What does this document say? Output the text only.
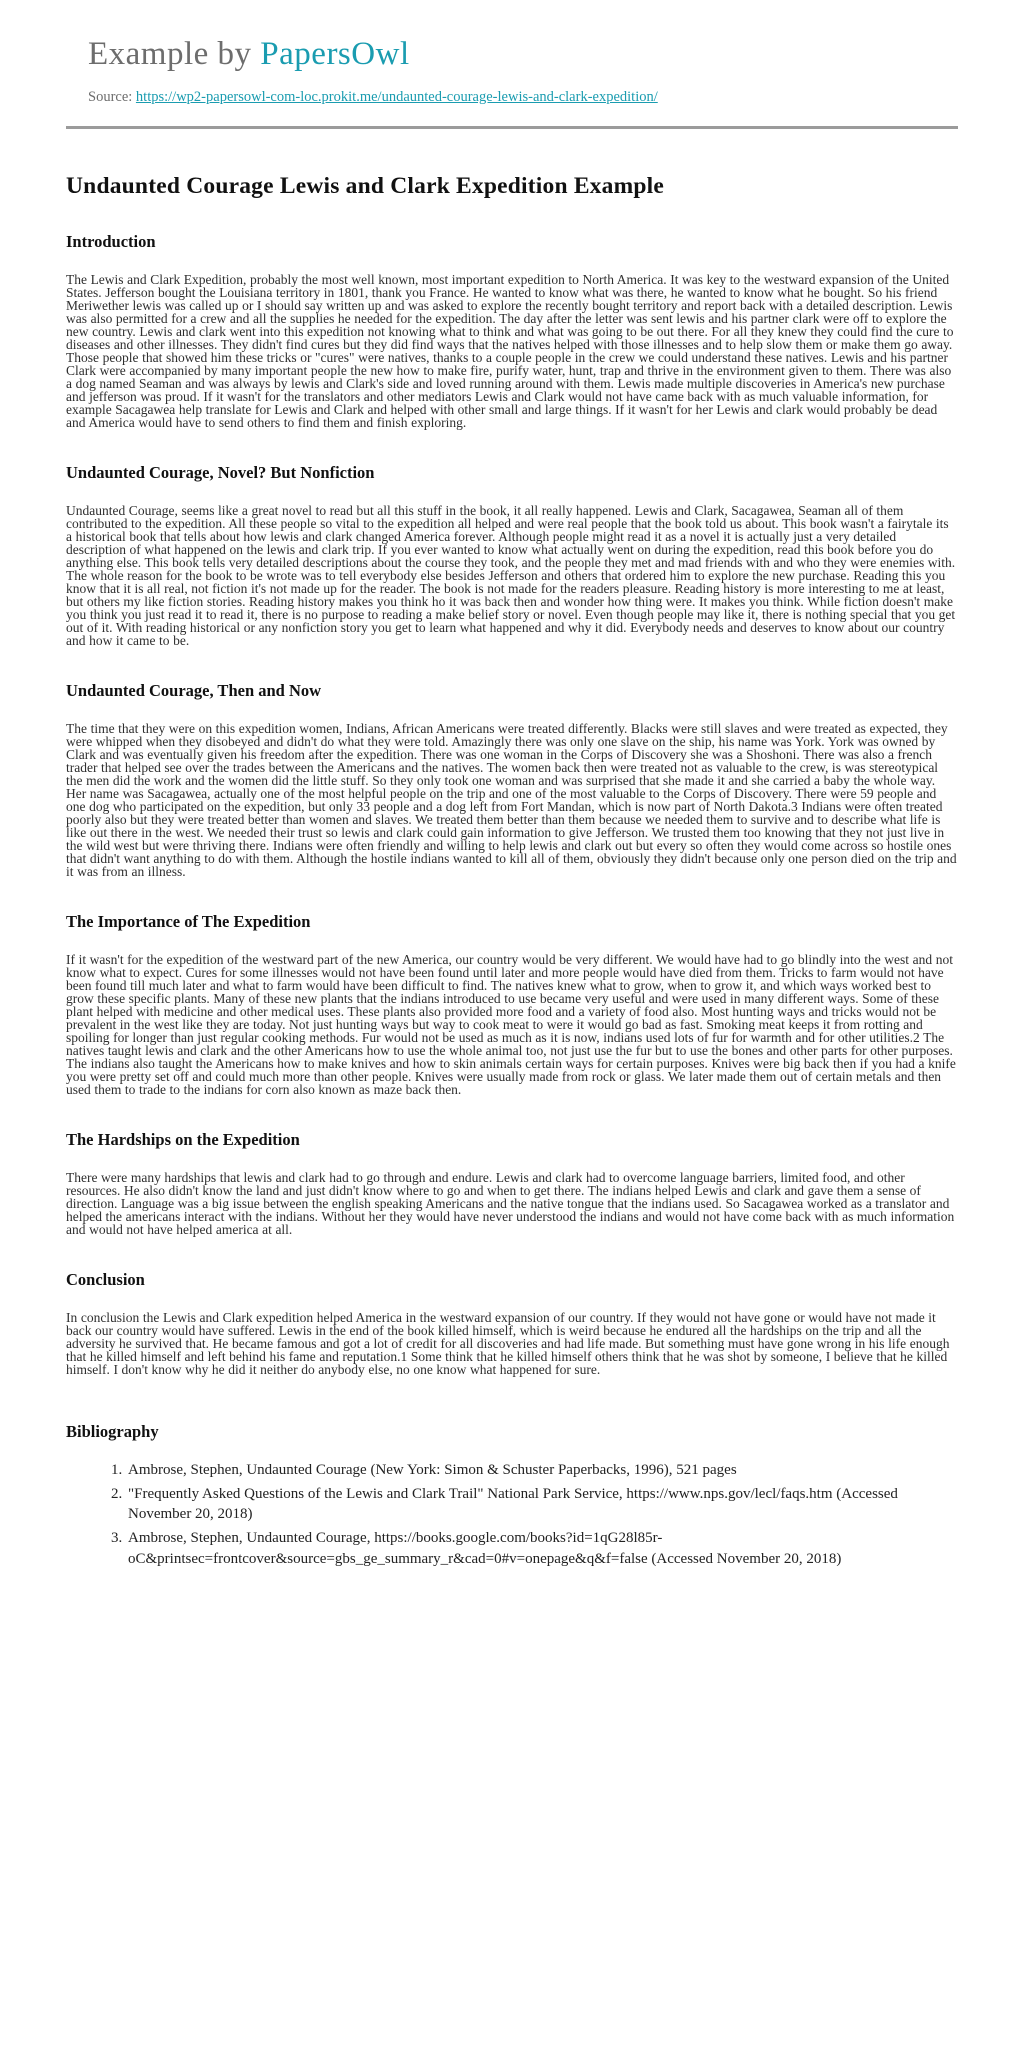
Example by PapersOwl
Source: https://wp2-papersowl-com-loc.prokit.me/undaunted-courage-lewis-and-clark-expedition/
Undaunted Courage Lewis and Clark Expedition Example
Introduction

The Lewis and Clark Expedition, probably the most well known, most important expedition to North America. It was key to the westward expansion of the United States. Jefferson bought the Louisiana territory in 1801, thank you France. He wanted to know what was there, he wanted to know what he bought. So his friend Meriwether lewis was called up or I should say written up and was asked to explore the recently bought territory and report back with a detailed description. Lewis was also permitted for a crew and all the supplies he needed for the expedition. The day after the letter was sent lewis and his partner clark were off to explore the new country. Lewis and clark went into this expedition not knowing what to think and what was going to be out there. For all they knew they could find the cure to diseases and other illnesses. They didn't find cures but they did find ways that the natives helped with those illnesses and to help slow them or make them go away. Those people that showed him these tricks or "cures" were natives, thanks to a couple people in the crew we could understand these natives. Lewis and his partner Clark were accompanied by many important people the new how to make fire, purify water, hunt, trap and thrive in the environment given to them. There was also a dog named Seaman and was always by lewis and Clark's side and loved running around with them. Lewis made multiple discoveries in America's new purchase and jefferson was proud. If it wasn't for the translators and other mediators Lewis and Clark would not have came back with as much valuable information, for example Sacagawea help translate for Lewis and Clark and helped with other small and large things. If it wasn't for her Lewis and clark would probably be dead and America would have to send others to find them and finish exploring.

Undaunted Courage, Novel? But Nonfiction

Undaunted Courage, seems like a great novel to read but all this stuff in the book, it all really happened. Lewis and Clark, Sacagawea, Seaman all of them contributed to the expedition. All these people so vital to the expedition all helped and were real people that the book told us about. This book wasn't a fairytale its a historical book that tells about how lewis and clark changed America forever. Although people might read it as a novel it is actually just a very detailed description of what happened on the lewis and clark trip. If you ever wanted to know what actually went on during the expedition, read this book before you do anything else. This book tells very detailed descriptions about the course they took, and the people they met and mad friends with and who they were enemies with. The whole reason for the book to be wrote was to tell everybody else besides Jefferson and others that ordered him to explore the new purchase. Reading this you know that it is all real, not fiction it's not made up for the reader. The book is not made for the readers pleasure. Reading history is more interesting to me at least, but others my like fiction stories. Reading history makes you think ho it was back then and wonder how thing were. It makes you think. While fiction doesn't make you think you just read it to read it, there is no purpose to reading a make belief story or novel. Even though people may like it, there is nothing special that you get out of it. With reading historical or any nonfiction story you get to learn what happened and why it did. Everybody needs and deserves to know about our country and how it came to be.

Undaunted Courage, Then and Now

The time that they were on this expedition women, Indians, African Americans were treated differently. Blacks were still slaves and were treated as expected, they were whipped when they disobeyed and didn't do what they were told. Amazingly there was only one slave on the ship, his name was York. York was owned by Clark and was eventually given his freedom after the expedition. There was one woman in the Corps of Discovery she was a Shoshoni. There was also a french trader that helped see over the trades between the Americans and the natives. The women back then were treated not as valuable to the crew, is was stereotypical the men did the work and the women did the little stuff. So they only took one woman and was surprised that she made it and she carried a baby the whole way. Her name was Sacagawea, actually one of the most helpful people on the trip and one of the most valuable to the Corps of Discovery. There were 59 people and one dog who participated on the expedition, but only 33 people and a dog left from Fort Mandan, which is now part of North Dakota.3 Indians were often treated poorly also but they were treated better than women and slaves. We treated them better than them because we needed them to survive and to describe what life is like out there in the west. We needed their trust so lewis and clark could gain information to give Jefferson. We trusted them too knowing that they not just live in the wild west but were thriving there. Indians were often friendly and willing to help lewis and clark out but every so often they would come across so hostile ones that didn't want anything to do with them. Although the hostile indians wanted to kill all of them, obviously they didn't because only one person died on the trip and it was from an illness.

The Importance of The Expedition

If it wasn't for the expedition of the westward part of the new America, our country would be very different. We would have had to go blindly into the west and not know what to expect. Cures for some illnesses would not have been found until later and more people would have died from them. Tricks to farm would not have been found till much later and what to farm would have been difficult to find. The natives knew what to grow, when to grow it, and which ways worked best to grow these specific plants. Many of these new plants that the indians introduced to use became very useful and were used in many different ways. Some of these plant helped with medicine and other medical uses. These plants also provided more food and a variety of food also. Most hunting ways and tricks would not be prevalent in the west like they are today. Not just hunting ways but way to cook meat to were it would go bad as fast. Smoking meat keeps it from rotting and spoiling for longer than just regular cooking methods. Fur would not be used as much as it is now, indians used lots of fur for warmth and for other utilities.2 The natives taught lewis and clark and the other Americans how to use the whole animal too, not just use the fur but to use the bones and other parts for other purposes. The indians also taught the Americans how to make knives and how to skin animals certain ways for certain purposes. Knives were big back then if you had a knife you were pretty set off and could much more than other people. Knives were usually made from rock or glass. We later made them out of certain metals and then used them to trade to the indians for corn also known as maze back then.

The Hardships on the Expedition

There were many hardships that lewis and clark had to go through and endure. Lewis and clark had to overcome language barriers, limited food, and other resources. He also didn't know the land and just didn't know where to go and when to get there. The indians helped Lewis and clark and gave them a sense of direction. Language was a big issue between the english speaking Americans and the native tongue that the indians used. So Sacagawea worked as a translator and helped the americans interact with the indians. Without her they would have never understood the indians and would not have come back with as much information and would not have helped america at all.

Conclusion

In conclusion the Lewis and Clark expedition helped America in the westward expansion of our country. If they would not have gone or would have not made it back our country would have suffered. Lewis in the end of the book killed himself, which is weird because he endured all the hardships on the trip and all the adversity he survived that. He became famous and got a lot of credit for all discoveries and had life made. But something must have gone wrong in his life enough that he killed himself and left behind his fame and reputation.1 Some think that he killed himself others think that he was shot by someone, I believe that he killed himself. I don't know why he did it neither do anybody else, no one know what happened for sure.

Bibliography
1. Ambrose, Stephen, Undaunted Courage (New York: Simon & Schuster Paperbacks, 1996), 521 pages
2. "Frequently Asked Questions of the Lewis and Clark Trail" National Park Service, https://www.nps.gov/lecl/faqs.htm (Accessed November 20, 2018)
3. Ambrose, Stephen, Undaunted Courage, https://books.google.com/books?id=1qG28l85r-oC&printsec=frontcover&source=gbs_ge_summary_r&cad=0#v=onepage&q&f=false (Accessed November 20, 2018)
